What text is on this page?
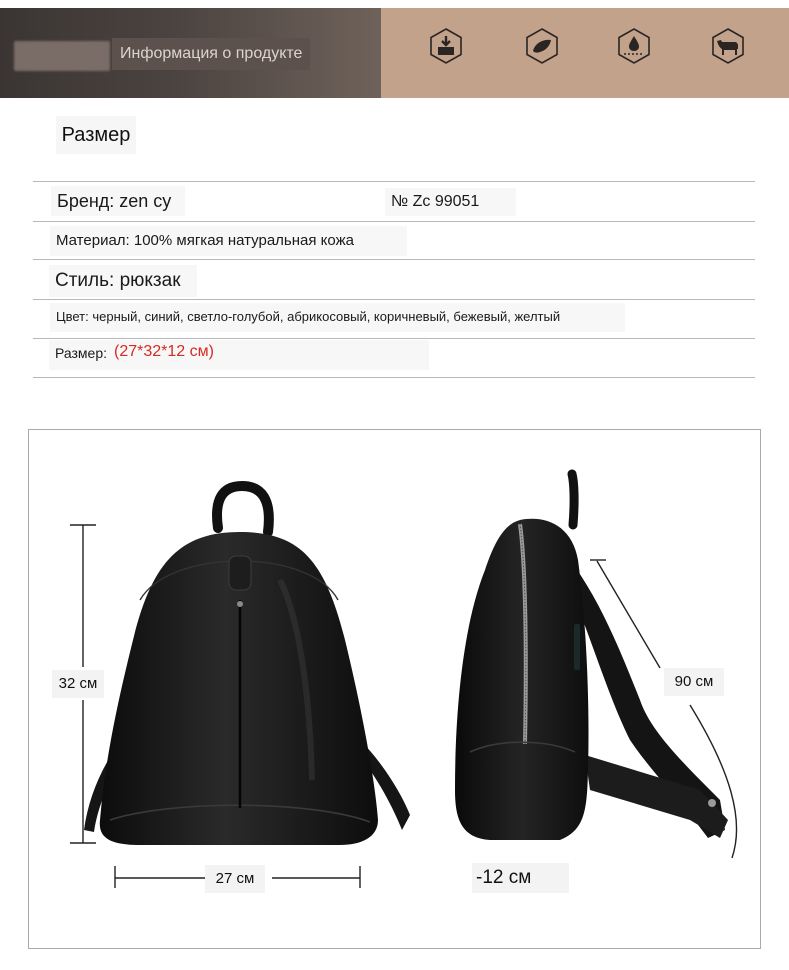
Информация о продукте
Размер
Бренд: zen cy	№ Zc 99051
Материал: 100% мягкая натуральная кожа
Стиль: рюкзак
Цвет: черный, синий, светло-голубой, абрикосовый, коричневый, бежевый, желтый
Размер: (27*32*12 см)
32 см
27 см
90 см
-12 см
